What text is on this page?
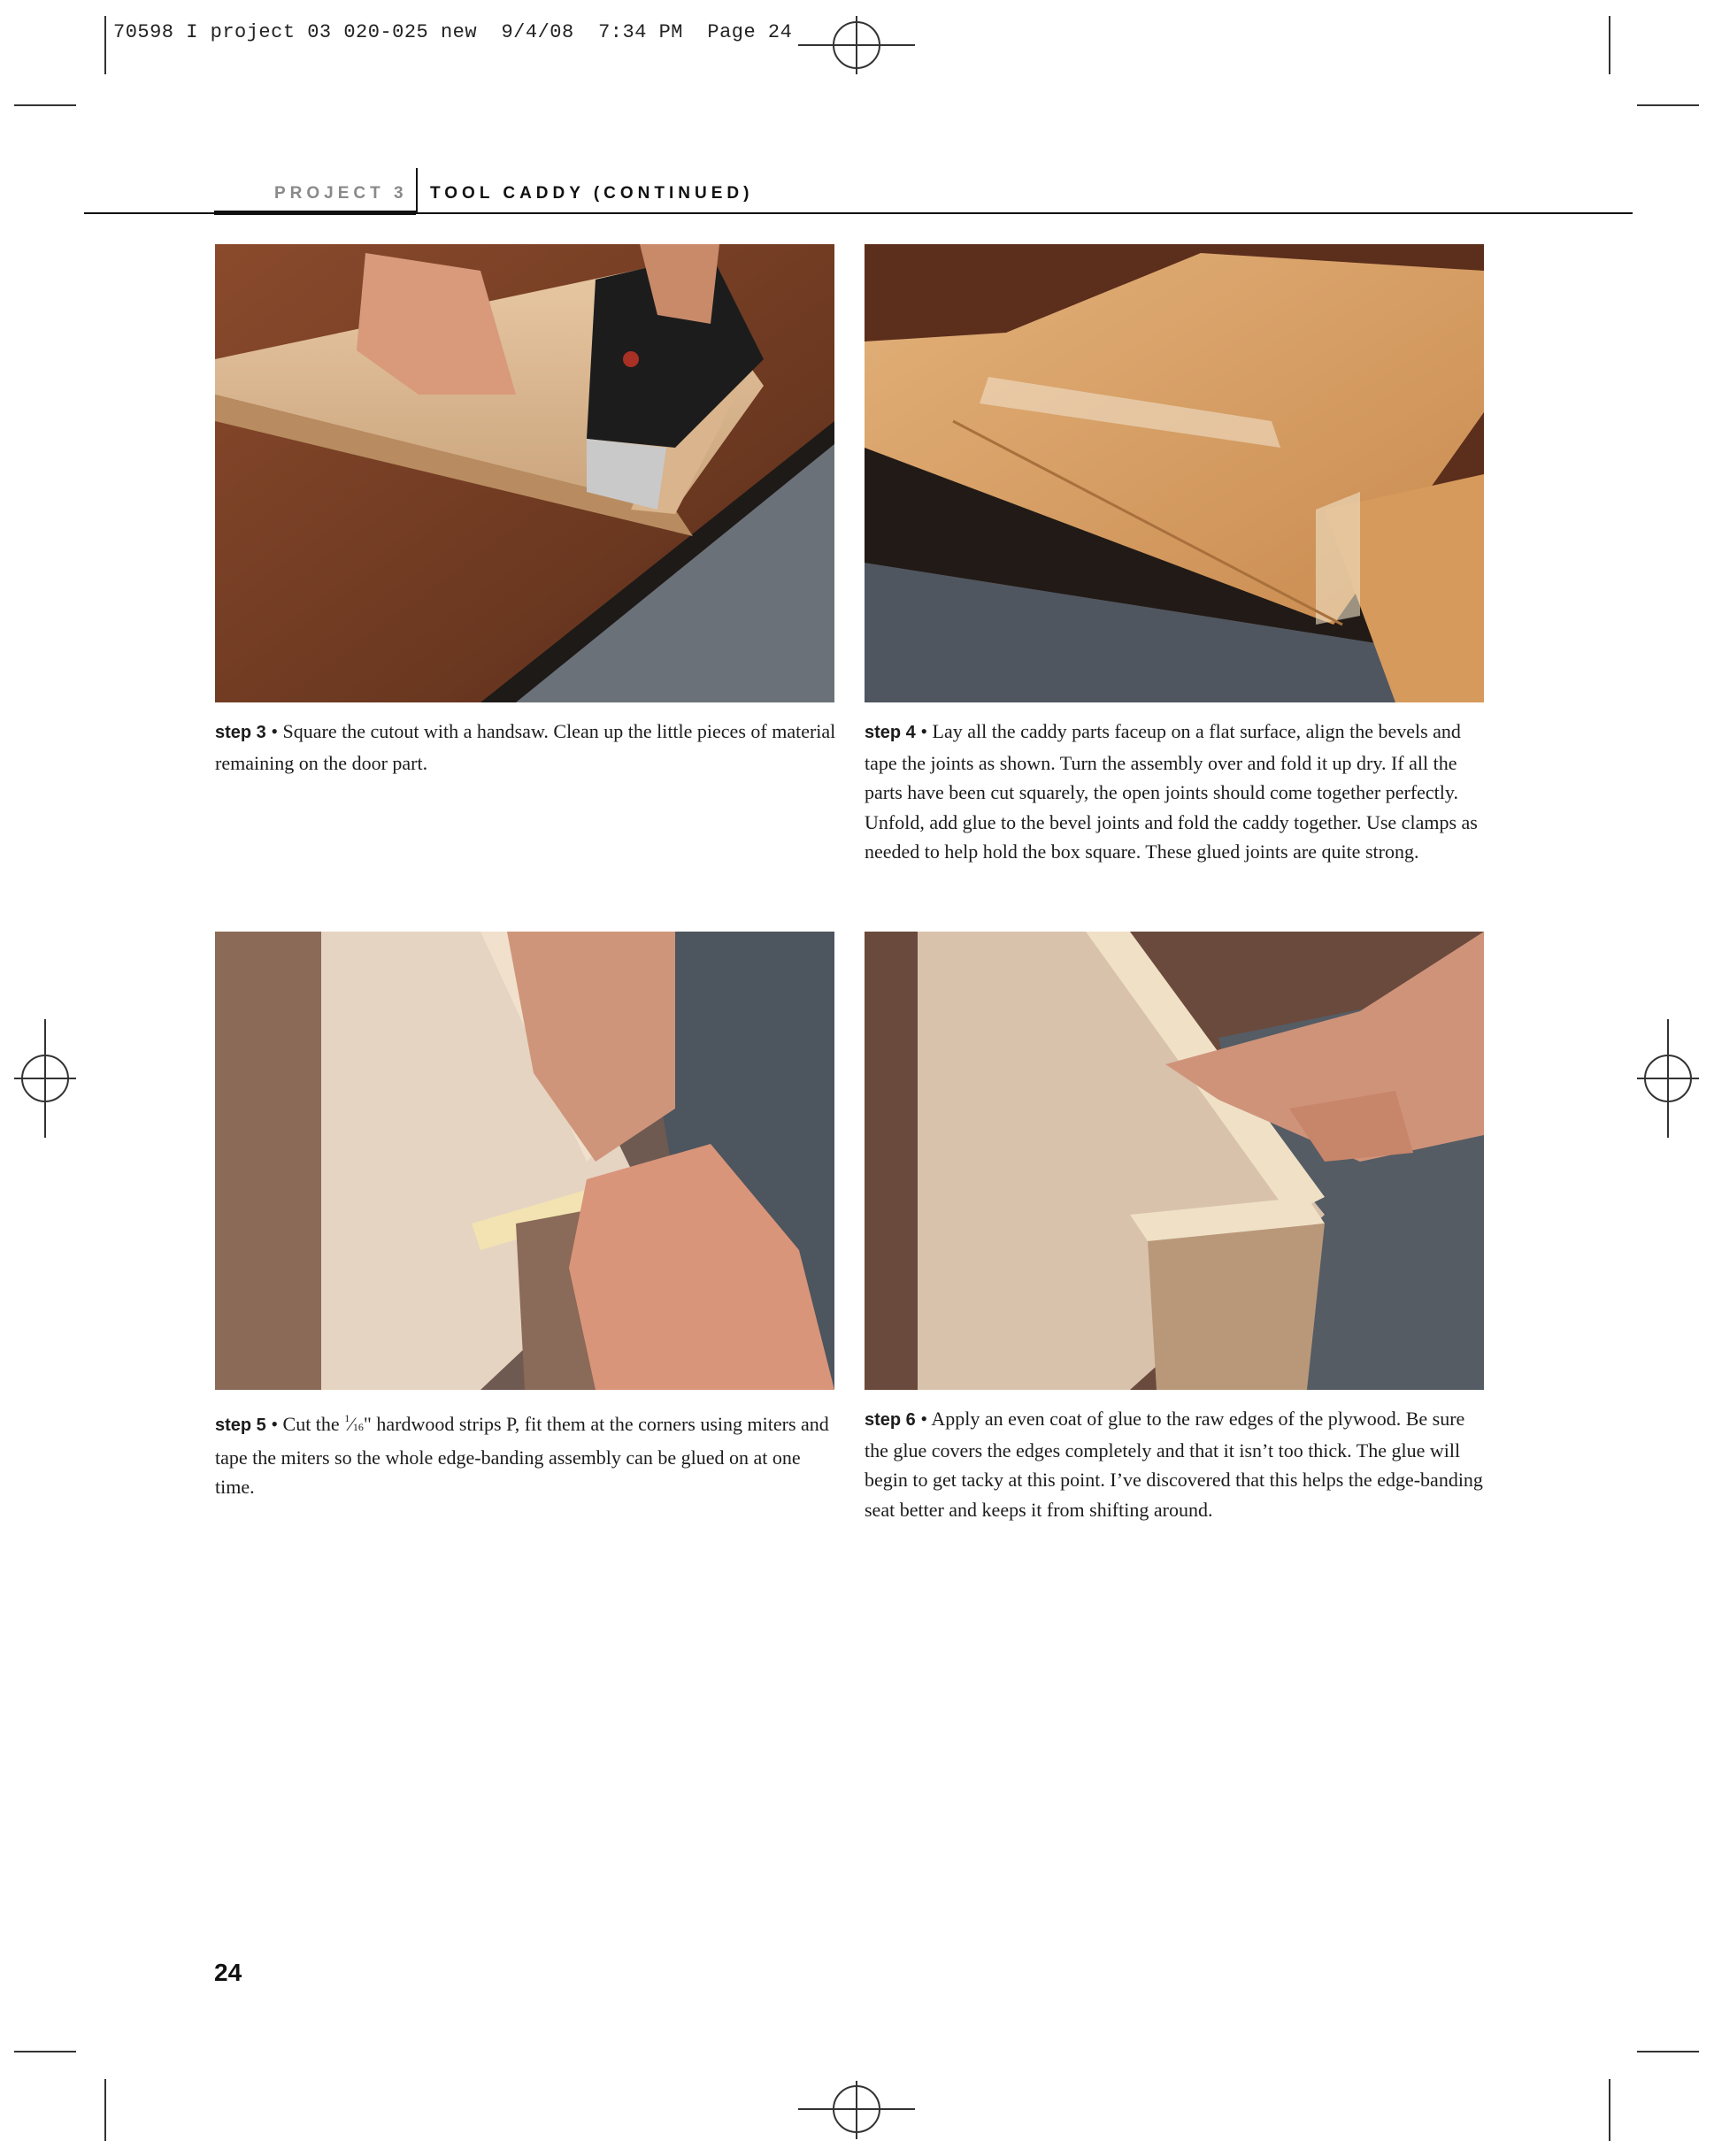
70598 I project 03 020-025 new  9/4/08  7:34 PM  Page 24
PROJECT 3 TOOL CADDY (CONTINUED)
step 3 • Square the cutout with a handsaw. Clean up the little pieces of material remaining on the door part.
step 4 • Lay all the caddy parts faceup on a flat surface, align the bevels and tape the joints as shown. Turn the assembly over and fold it up dry. If all the parts have been cut squarely, the open joints should come together perfectly. Unfold, add glue to the bevel joints and fold the caddy together. Use clamps as needed to help hold the box square. These glued joints are quite strong.
step 5 • Cut the $^1$⁄16" hardwood strips P, fit them at the corners using miters and tape the miters so the whole edge-banding assembly can be glued on at one time.
step 6 • Apply an even coat of glue to the raw edges of the plywood. Be sure the glue covers the edges completely and that it isn’t too thick. The glue will begin to get tacky at this point. I’ve discovered that this helps the edge-banding seat better and keeps it from shifting around.
24
